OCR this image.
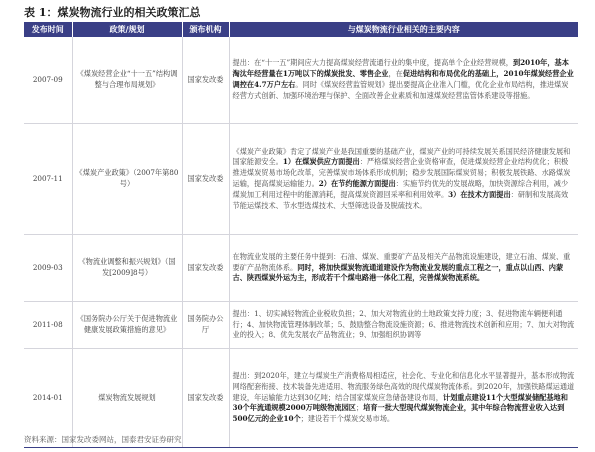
表 1：煤炭物流行业的相关政策汇总
发布时间	政策/规划	颁布机构	与煤炭物流行业相关的主要内容
2007-09	《煤炭经营企业“十一五”结构调整与合理布局规划》	国家发改委	提出：在“十一五”期间应大力提高煤炭经营流通行业的集中度，提高单个企业经营规模，到2010年，基本淘汰年经营量在1万吨以下的煤炭批发、零售企业，在促进结构和布局优化的基础上，2010年煤炭经营企业调控在4.7万户左右。同时《煤炭经营监管规划》提出要提高企业准入门槛，优化企业布局结构，推进煤炭经营方式创新、加强环境治理与保护、全面改善企业素质和加速煤炭经营监管体系建设等措施。
2007-11	《煤炭产业政策》（2007年第80号）	国家发改委	《煤炭产业政策》肯定了煤炭产业是我国重要的基础产业，煤炭产业的可持续发展关系国民经济健康发展和国家能源安全。1）在煤炭供应方面提出：严格煤炭经营企业资格审查，促进煤炭经营企业结构优化；积极推进煤炭贸易市场化改革，完善煤炭市场体系形成机制；稳步发展国际煤炭贸易；积极发展铁路、水路煤炭运输，提高煤炭运输能力。2）在节约能源方面提出：实施节约优先的发展战略，加快资源综合利用，减少煤炭加工利用过程中的能源消耗，提高煤炭资源回采率和利用效率。3）在技术方面提出：研制和发展高效节能运煤技术、节水型选煤技术、大型筛选设备及脱硫技术。
2009-03	《物流业调整和振兴规划》（国发[2009]8号）	国家发改委	在物流业发展的主要任务中提到：石油、煤炭、重要矿产品及相关产品物流设施建设，建立石油、煤炭、重要矿产品物流体系。同时，将加快煤炭物流通道建设作为物流业发展的重点工程之一，重点以山西、内蒙古、陕西煤炭外运为主，形成若干个煤电路港一体化工程，完善煤炭物流系统。
2011-08	《国务院办公厅关于促进物流业健康发展政策措施的意见》	国务院办公厅	提出：1、切实减轻物流企业税收负担；2、加大对物流业的土地政策支持力度；3、促进物流车辆便利通行；4、加快物流管理体制改革；5、鼓励整合物流设施资源；6、推进物流技术创新和应用；7、加大对物流业的投入；8、优先发展农产品物流业；9、加强组织协调等
2014-01	煤炭物流发展规划	国家发改委	提出：到2020年，建立与煤炭生产消费格局相适应，社会化、专业化和信息化水平显著提升，基本形成物流网络配套衔接、技术装备先进适用、物流服务绿色高效的现代煤炭物流体系。到2020年，加强铁路煤运通道建设，年运输能力达到30亿吨；结合国家煤炭应急储备建设布局，计划重点建设11个大型煤炭储配基地和30个年流通规模2000万吨级物流园区；培育一批大型现代煤炭物流企业，其中年综合物流营业收入达到500亿元的企业10个；建设若干个煤炭交易市场。
资料来源：国家发改委网站，国泰君安证券研究
